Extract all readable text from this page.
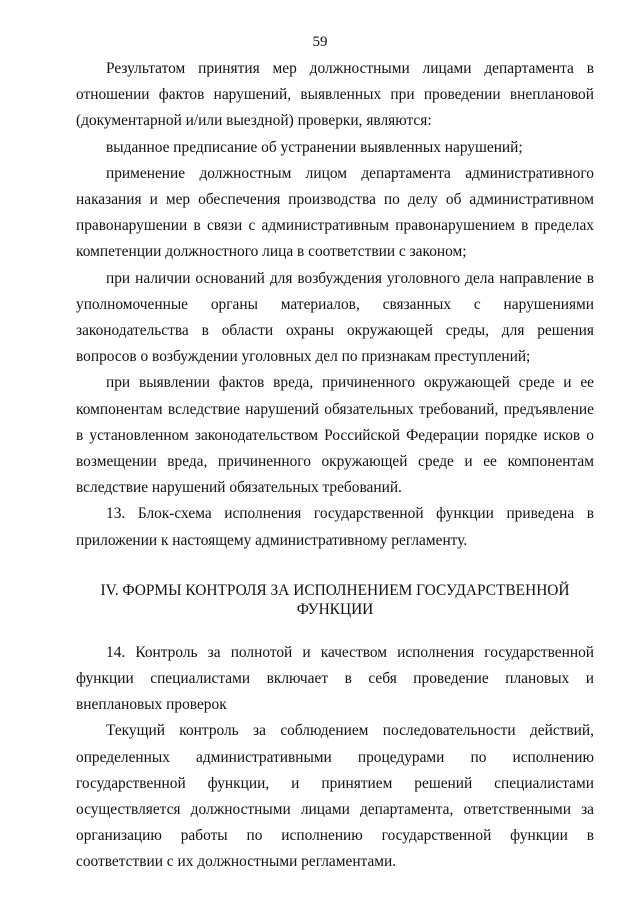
59

Результатом принятия мер должностными лицами департамента в отношении фактов нарушений, выявленных при проведении внеплановой (документарной и/или выездной) проверки, являются:

выданное предписание об устранении выявленных нарушений;

применение должностным лицом департамента административного наказания и мер обеспечения производства по делу об административном правонарушении в связи с административным правонарушением в пределах компетенции должностного лица в соответствии с законом;

при наличии оснований для возбуждения уголовного дела направление в уполномоченные органы материалов, связанных с нарушениями законодательства в области охраны окружающей среды, для решения вопросов о возбуждении уголовных дел по признакам преступлений;

при выявлении фактов вреда, причиненного окружающей среде и ее компонентам вследствие нарушений обязательных требований, предъявление в установленном законодательством Российской Федерации порядке исков о возмещении вреда, причиненного окружающей среде и ее компонентам вследствие нарушений обязательных требований.

13. Блок-схема исполнения государственной функции приведена в приложении к настоящему административному регламенту.

IV. ФОРМЫ КОНТРОЛЯ ЗА ИСПОЛНЕНИЕМ ГОСУДАРСТВЕННОЙ ФУНКЦИИ

14. Контроль за полнотой и качеством исполнения государственной функции специалистами включает в себя проведение плановых и внеплановых проверок

Текущий контроль за соблюдением последовательности действий, определенных административными процедурами по исполнению государственной функции, и принятием решений специалистами осуществляется должностными лицами департамента, ответственными за организацию работы по исполнению государственной функции в соответствии с их должностными регламентами.
